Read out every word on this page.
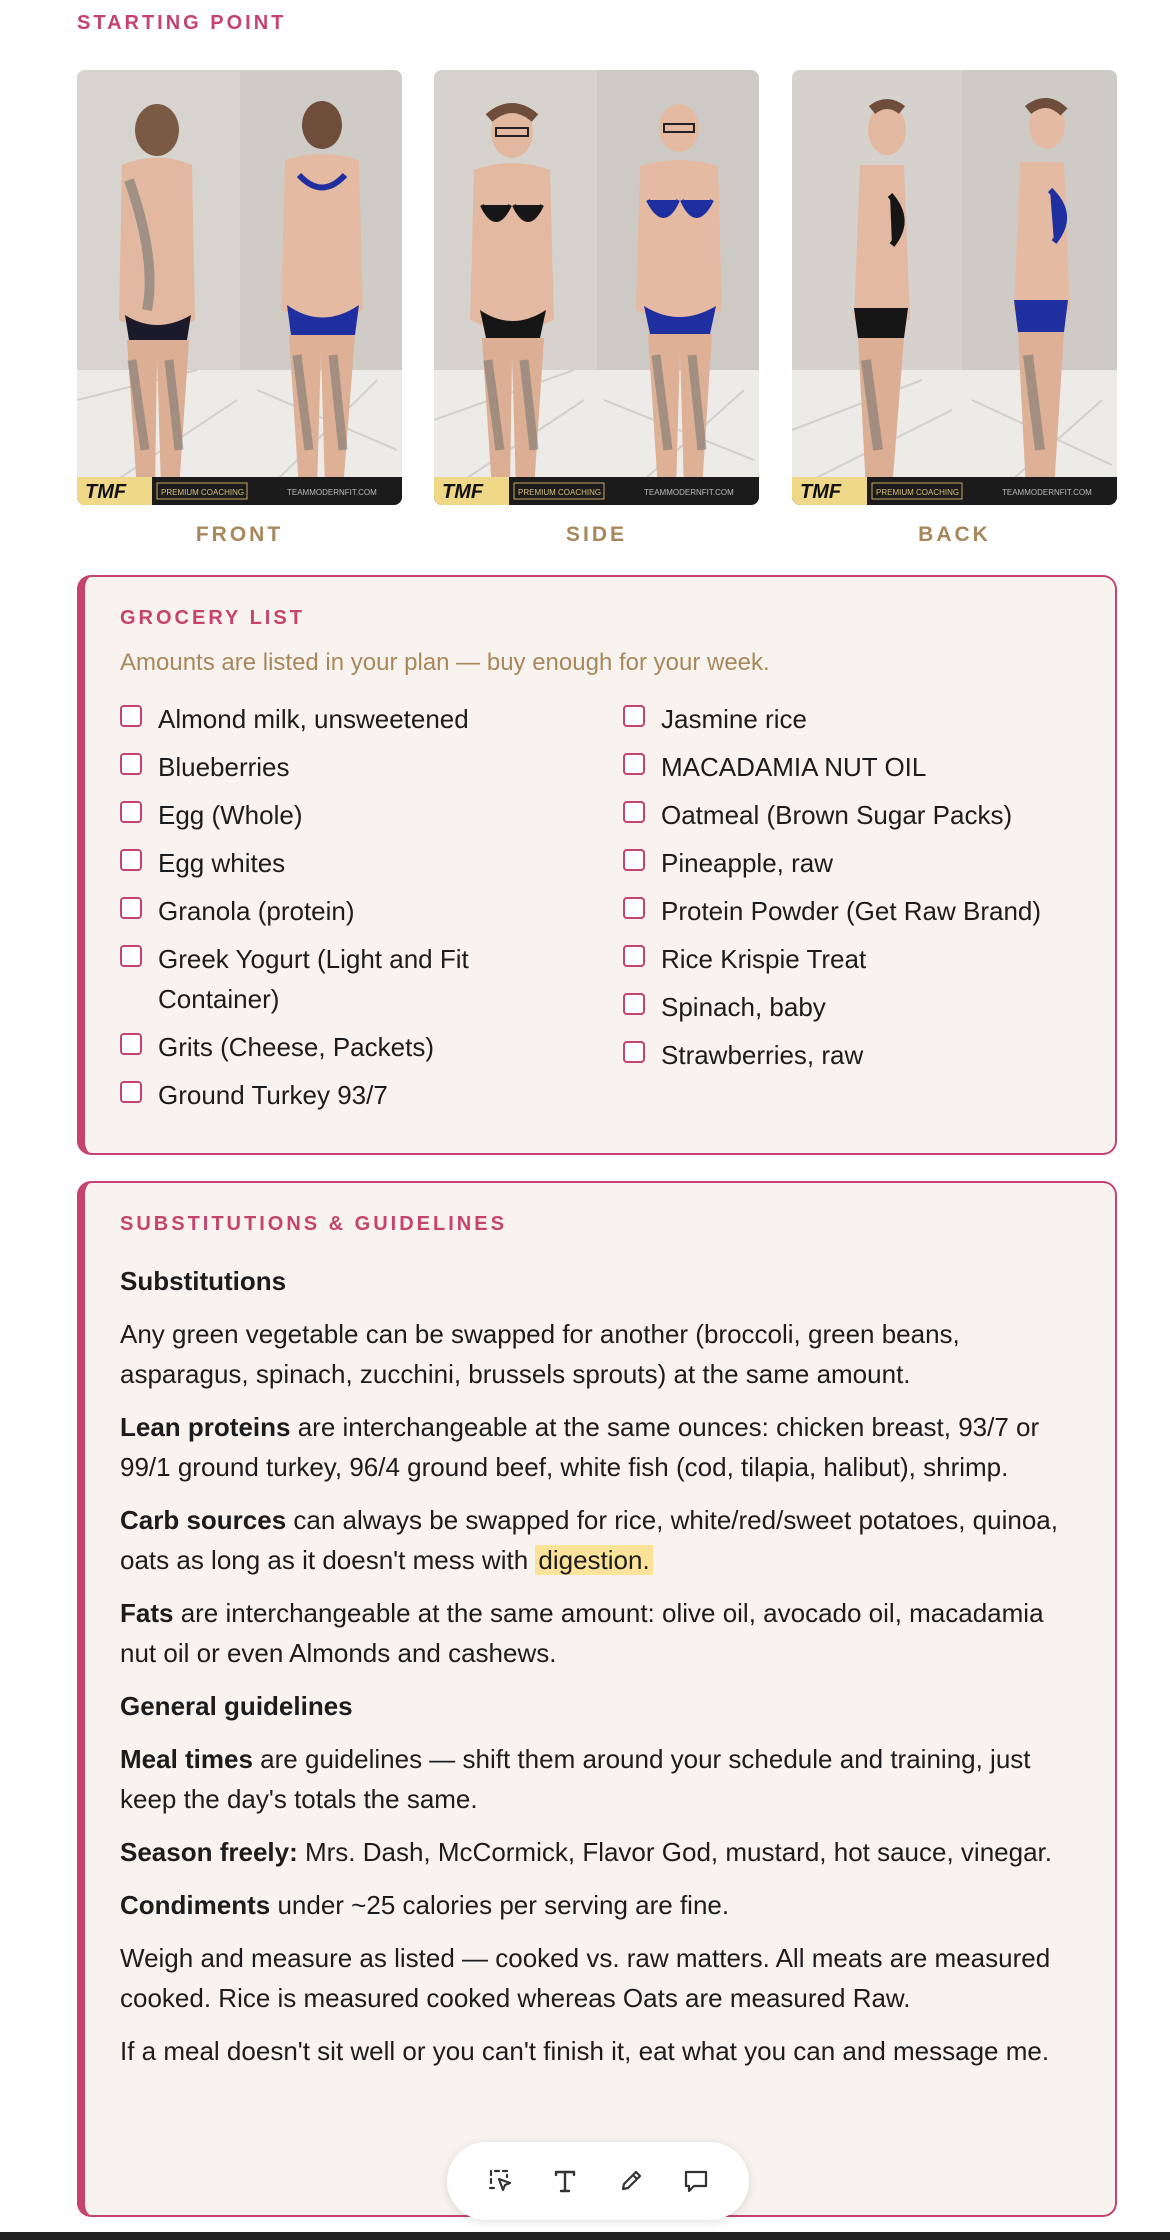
STARTING POINT
TMF	PREMIUM COACHING	TEAMMODERNFIT.COM
FRONT
TMF	PREMIUM COACHING	TEAMMODERNFIT.COM
SIDE
TMF	PREMIUM COACHING	TEAMMODERNFIT.COM
BACK
GROCERY LIST
Amounts are listed in your plan — buy enough for your week.
Almond milk, unsweetened
Blueberries
Egg (Whole)
Egg whites
Granola (protein)
Greek Yogurt (Light and Fit Container)
Grits (Cheese, Packets)
Ground Turkey 93/7
Jasmine rice
MACADAMIA NUT OIL
Oatmeal (Brown Sugar Packs)
Pineapple, raw
Protein Powder (Get Raw Brand)
Rice Krispie Treat
Spinach, baby
Strawberries, raw
SUBSTITUTIONS & GUIDELINES

Substitutions

Any green vegetable can be swapped for another (broccoli, green beans, asparagus, spinach, zucchini, brussels sprouts) at the same amount.

Lean proteins are interchangeable at the same ounces: chicken breast, 93/7 or 99/1 ground turkey, 96/4 ground beef, white fish (cod, tilapia, halibut), shrimp.

Carb sources can always be swapped for rice, white/red/sweet potatoes, quinoa, oats as long as it doesn't mess with digestion.

Fats are interchangeable at the same amount: olive oil, avocado oil, macadamia nut oil or even Almonds and cashews.

General guidelines

Meal times are guidelines — shift them around your schedule and training, just keep the day's totals the same.

Season freely: Mrs. Dash, McCormick, Flavor God, mustard, hot sauce, vinegar.

Condiments under ~25 calories per serving are fine.

Weigh and measure as listed — cooked vs. raw matters. All meats are measured cooked. Rice is measured cooked whereas Oats are measured Raw.

If a meal doesn't sit well or you can't finish it, eat what you can and message me.
